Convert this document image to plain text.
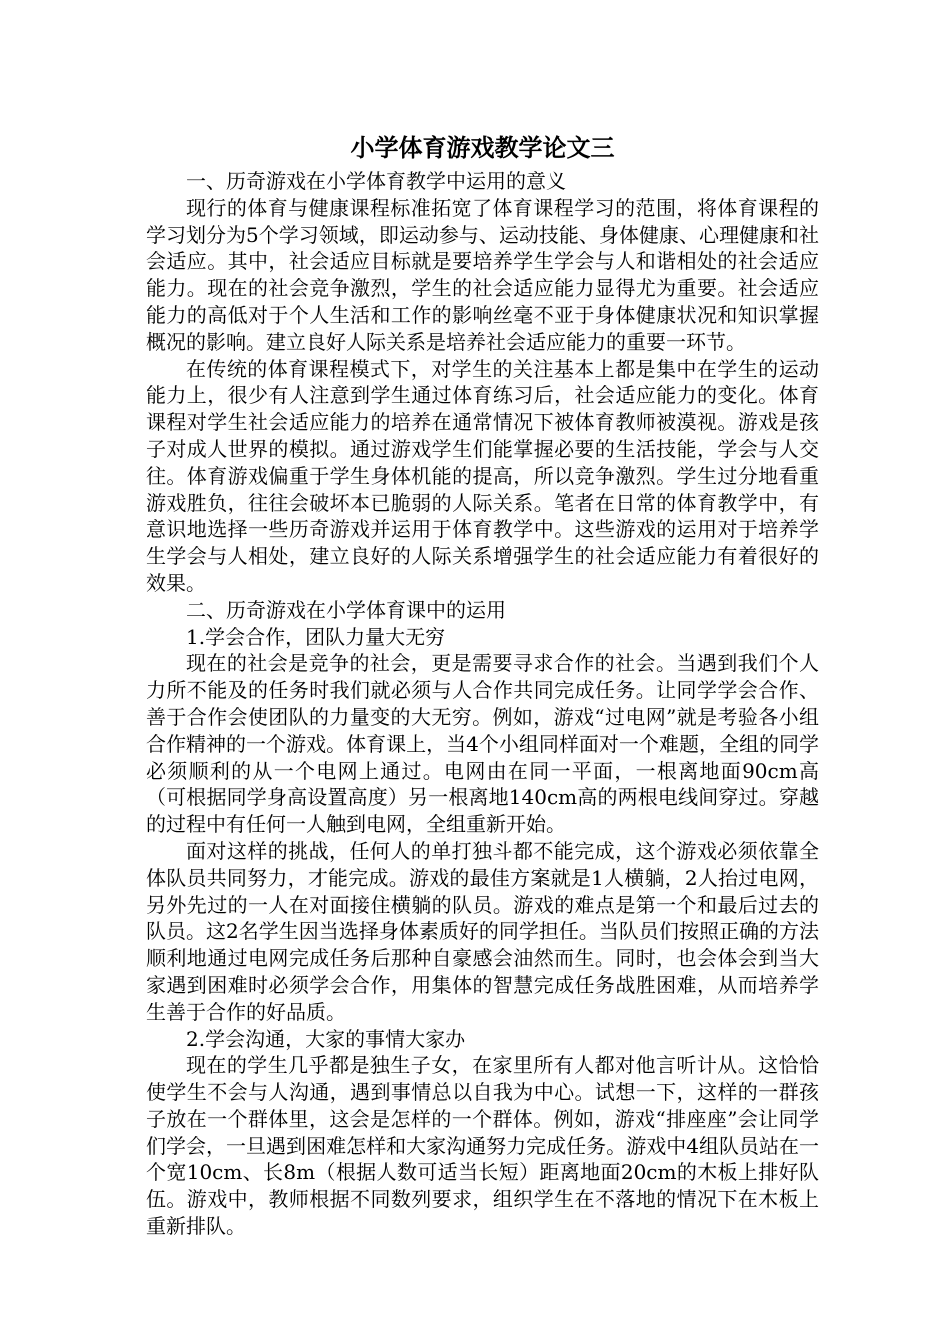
小学体育游戏教学论文三

一、历奇游戏在小学体育教学中运用的意义

现行的体育与健康课程标准拓宽了体育课程学习的范围，将体育课程的学习划分为5个学习领域，即运动参与、运动技能、身体健康、心理健康和社会适应。其中，社会适应目标就是要培养学生学会与人和谐相处的社会适应能力。现在的社会竞争激烈，学生的社会适应能力显得尤为重要。社会适应能力的高低对于个人生活和工作的影响丝毫不亚于身体健康状况和知识掌握概况的影响。建立良好人际关系是培养社会适应能力的重要一环节。

在传统的体育课程模式下，对学生的关注基本上都是集中在学生的运动能力上，很少有人注意到学生通过体育练习后，社会适应能力的变化。体育课程对学生社会适应能力的培养在通常情况下被体育教师被漠视。游戏是孩子对成人世界的模拟。通过游戏学生们能掌握必要的生活技能，学会与人交往。体育游戏偏重于学生身体机能的提高，所以竞争激烈。学生过分地看重游戏胜负，往往会破坏本已脆弱的人际关系。笔者在日常的体育教学中，有意识地选择一些历奇游戏并运用于体育教学中。这些游戏的运用对于培养学生学会与人相处，建立良好的人际关系增强学生的社会适应能力有着很好的效果。

二、历奇游戏在小学体育课中的运用

1.学会合作，团队力量大无穷

现在的社会是竞争的社会，更是需要寻求合作的社会。当遇到我们个人力所不能及的任务时我们就必须与人合作共同完成任务。让同学学会合作、善于合作会使团队的力量变的大无穷。例如，游戏“过电网”就是考验各小组合作精神的一个游戏。体育课上，当4个小组同样面对一个难题，全组的同学必须顺利的从一个电网上通过。电网由在同一平面，一根离地面90cm高（可根据同学身高设置高度）另一根离地140cm高的两根电线间穿过。穿越的过程中有任何一人触到电网，全组重新开始。

面对这样的挑战，任何人的单打独斗都不能完成，这个游戏必须依靠全体队员共同努力，才能完成。游戏的最佳方案就是1人横躺，2人抬过电网，另外先过的一人在对面接住横躺的队员。游戏的难点是第一个和最后过去的队员。这2名学生因当选择身体素质好的同学担任。当队员们按照正确的方法顺利地通过电网完成任务后那种自豪感会油然而生。同时，也会体会到当大家遇到困难时必须学会合作，用集体的智慧完成任务战胜困难，从而培养学生善于合作的好品质。

2.学会沟通，大家的事情大家办

现在的学生几乎都是独生子女，在家里所有人都对他言听计从。这恰恰使学生不会与人沟通，遇到事情总以自我为中心。试想一下，这样的一群孩子放在一个群体里，这会是怎样的一个群体。例如，游戏“排座座”会让同学们学会，一旦遇到困难怎样和大家沟通努力完成任务。游戏中4组队员站在一个宽10cm、长8m（根据人数可适当长短）距离地面20cm的木板上排好队伍。游戏中，教师根据不同数列要求，组织学生在不落地的情况下在木板上重新排队。
